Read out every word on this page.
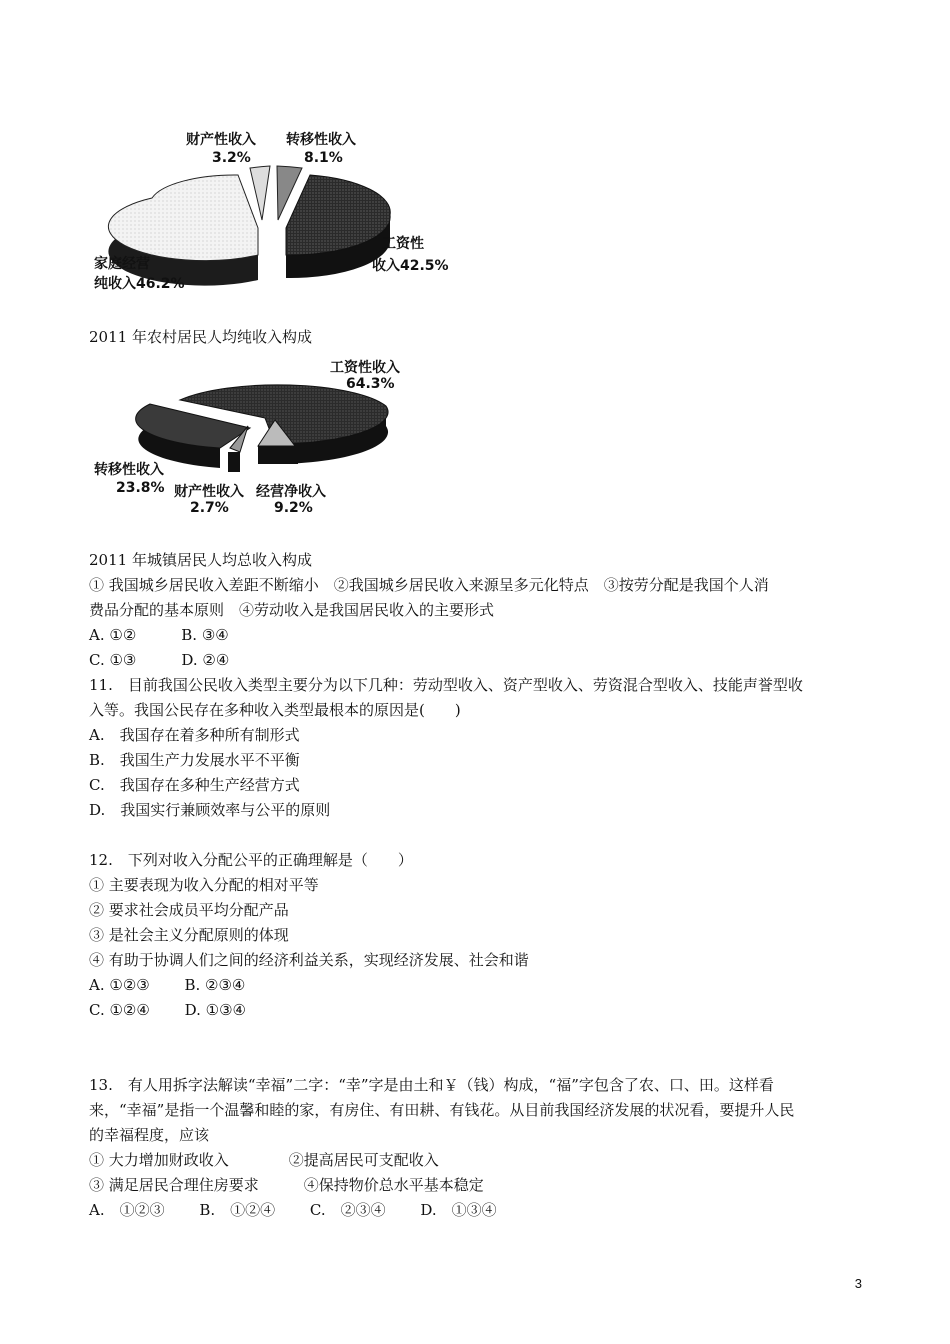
财产性收入
3.2%
转移性收入
8.1%
工资性
收入42.5%
家庭经营
纯收入46.2%
2011 年农村居民人均纯收入构成
工资性收入
64.3%
转移性收入
23.8% 财产性收入
2.7%
经营净收入
9.2%
2011 年城镇居民人均总收入构成
① 我国城乡居民收入差距不断缩小　②我国城乡居民收入来源呈多元化特点　③按劳分配是我国个人消
费品分配的基本原则　④劳动收入是我国居民收入的主要形式
A. ①②　　　B. ③④
C. ①③　　　D. ②④
11.　目前我国公民收入类型主要分为以下几种：劳动型收入、资产型收入、劳资混合型收入、技能声誉型收
入等。我国公民存在多种收入类型最根本的原因是(　　)
A.　我国存在着多种所有制形式
B.　我国生产力发展水平不平衡
C.　我国存在多种生产经营方式
D.　我国实行兼顾效率与公平的原则
12.　下列对收入分配公平的正确理解是（　　）
① 主要表现为收入分配的相对平等
② 要求社会成员平均分配产品
③ 是社会主义分配原则的体现
④ 有助于协调人们之间的经济利益关系，实现经济发展、社会和谐
A. ①②③　　 B. ②③④
C. ①②④　　 D. ①③④
13.　有人用拆字法解读“幸福”二字：“幸”字是由土和￥（钱）构成，“福”字包含了农、口、田。这样看
来，“幸福”是指一个温馨和睦的家，有房住、有田耕、有钱花。从目前我国经济发展的状况看，要提升人民
的幸福程度，应该
① 大力增加财政收入　　　　②提高居民可支配收入
③ 满足居民合理住房要求　　　④保持物价总水平基本稳定
A.　①②③　　 B.　①②④　　 C.　②③④　　 D.　①③④
3
